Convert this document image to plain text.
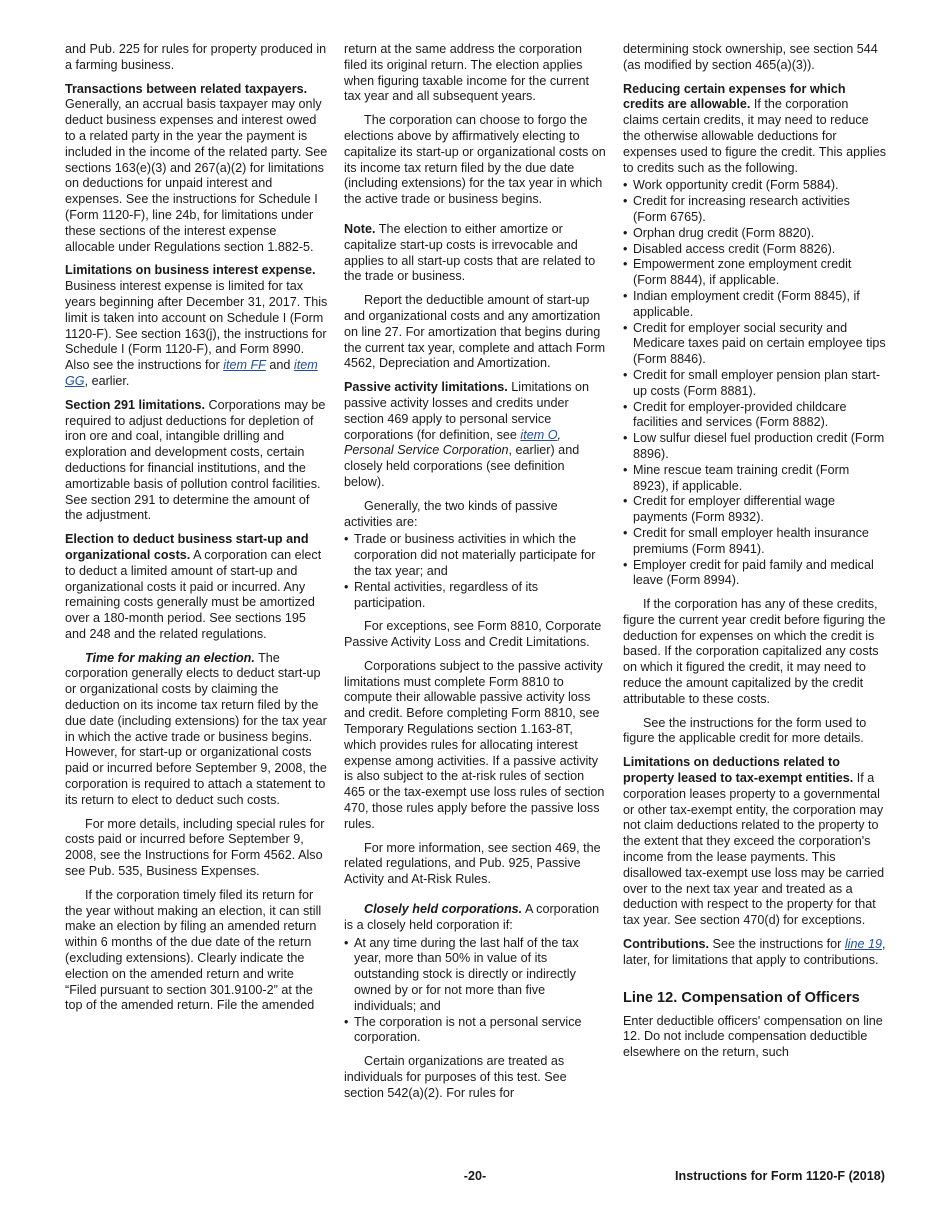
and Pub. 225 for rules for property produced in a farming business.

Transactions between related taxpayers. Generally, an accrual basis taxpayer may only deduct business expenses and interest owed to a related party in the year the payment is included in the income of the related party. See sections 163(e)(3) and 267(a)(2) for limitations on deductions for unpaid interest and expenses. See the instructions for Schedule I (Form 1120-F), line 24b, for limitations under these sections of the interest expense allocable under Regulations section 1.882-5.

Limitations on business interest expense. Business interest expense is limited for tax years beginning after December 31, 2017. This limit is taken into account on Schedule I (Form 1120-F). See section 163(j), the instructions for Schedule I (Form 1120-F), and Form 8990. Also see the instructions for item FF and item GG, earlier.

Section 291 limitations. Corporations may be required to adjust deductions for depletion of iron ore and coal, intangible drilling and exploration and development costs, certain deductions for financial institutions, and the amortizable basis of pollution control facilities. See section 291 to determine the amount of the adjustment.

Election to deduct business start-up and organizational costs. A corporation can elect to deduct a limited amount of start-up and organizational costs it paid or incurred. Any remaining costs generally must be amortized over a 180-month period. See sections 195 and 248 and the related regulations.

Time for making an election. The corporation generally elects to deduct start-up or organizational costs by claiming the deduction on its income tax return filed by the due date (including extensions) for the tax year in which the active trade or business begins. However, for start-up or organizational costs paid or incurred before September 9, 2008, the corporation is required to attach a statement to its return to elect to deduct such costs.

For more details, including special rules for costs paid or incurred before September 9, 2008, see the Instructions for Form 4562. Also see Pub. 535, Business Expenses.

If the corporation timely filed its return for the year without making an election, it can still make an election by filing an amended return within 6 months of the due date of the return (excluding extensions). Clearly indicate the election on the amended return and write “Filed pursuant to section 301.9100-2” at the top of the amended return. File the amended

return at the same address the corporation filed its original return. The election applies when figuring taxable income for the current tax year and all subsequent years.

The corporation can choose to forgo the elections above by affirmatively electing to capitalize its start-up or organizational costs on its income tax return filed by the due date (including extensions) for the tax year in which the active trade or business begins.

Note. The election to either amortize or capitalize start-up costs is irrevocable and applies to all start-up costs that are related to the trade or business.

Report the deductible amount of start-up and organizational costs and any amortization on line 27. For amortization that begins during the current tax year, complete and attach Form 4562, Depreciation and Amortization.

Passive activity limitations. Limitations on passive activity losses and credits under section 469 apply to personal service corporations (for definition, see item O, Personal Service Corporation, earlier) and closely held corporations (see definition below).

Generally, the two kinds of passive activities are:

• Trade or business activities in which the corporation did not materially participate for the tax year; and
• Rental activities, regardless of its participation.

For exceptions, see Form 8810, Corporate Passive Activity Loss and Credit Limitations.

Corporations subject to the passive activity limitations must complete Form 8810 to compute their allowable passive activity loss and credit. Before completing Form 8810, see Temporary Regulations section 1.163-8T, which provides rules for allocating interest expense among activities. If a passive activity is also subject to the at-risk rules of section 465 or the tax-exempt use loss rules of section 470, those rules apply before the passive loss rules.

For more information, see section 469, the related regulations, and Pub. 925, Passive Activity and At-Risk Rules.

Closely held corporations. A corporation is a closely held corporation if:

• At any time during the last half of the tax year, more than 50% in value of its outstanding stock is directly or indirectly owned by or for not more than five individuals; and
• The corporation is not a personal service corporation.

Certain organizations are treated as individuals for purposes of this test. See section 542(a)(2). For rules for

determining stock ownership, see section 544 (as modified by section 465(a)(3)).

Reducing certain expenses for which credits are allowable. If the corporation claims certain credits, it may need to reduce the otherwise allowable deductions for expenses used to figure the credit. This applies to credits such as the following.

• Work opportunity credit (Form 5884).
• Credit for increasing research activities (Form 6765).
• Orphan drug credit (Form 8820).
• Disabled access credit (Form 8826).
• Empowerment zone employment credit (Form 8844), if applicable.
• Indian employment credit (Form 8845), if applicable.
• Credit for employer social security and Medicare taxes paid on certain employee tips (Form 8846).
• Credit for small employer pension plan start-up costs (Form 8881).
• Credit for employer-provided childcare facilities and services (Form 8882).
• Low sulfur diesel fuel production credit (Form 8896).
• Mine rescue team training credit (Form 8923), if applicable.
• Credit for employer differential wage payments (Form 8932).
• Credit for small employer health insurance premiums (Form 8941).
• Employer credit for paid family and medical leave (Form 8994).

If the corporation has any of these credits, figure the current year credit before figuring the deduction for expenses on which the credit is based. If the corporation capitalized any costs on which it figured the credit, it may need to reduce the amount capitalized by the credit attributable to these costs.

See the instructions for the form used to figure the applicable credit for more details.

Limitations on deductions related to property leased to tax-exempt entities. If a corporation leases property to a governmental or other tax-exempt entity, the corporation may not claim deductions related to the property to the extent that they exceed the corporation's income from the lease payments. This disallowed tax-exempt use loss may be carried over to the next tax year and treated as a deduction with respect to the property for that tax year. See section 470(d) for exceptions.

Contributions. See the instructions for line 19, later, for limitations that apply to contributions.

Line 12. Compensation of Officers

Enter deductible officers' compensation on line 12. Do not include compensation deductible elsewhere on the return, such

-20-	Instructions for Form 1120-F (2018)
